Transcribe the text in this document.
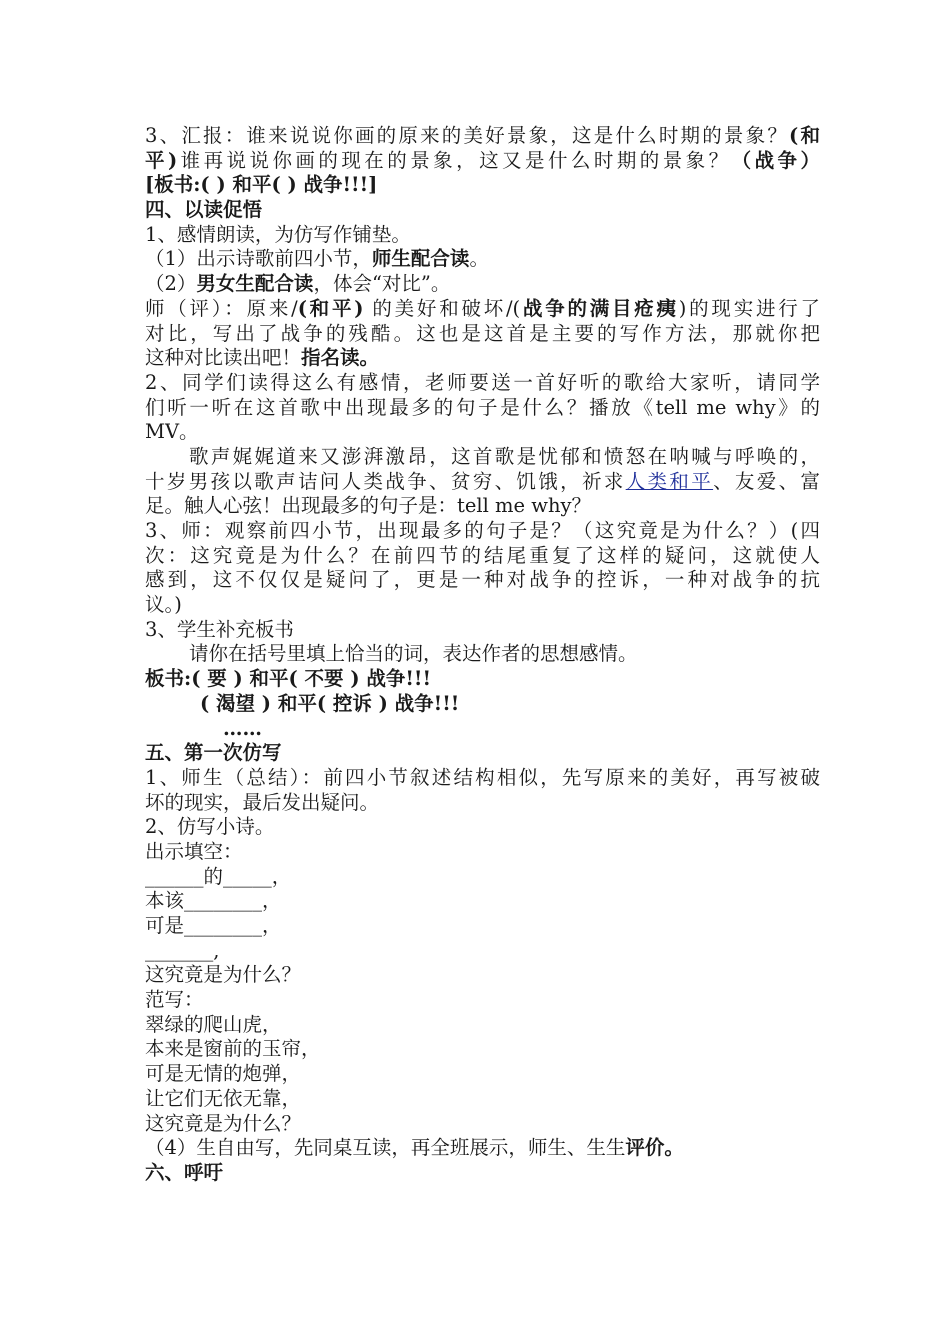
3、汇报：谁来说说你画的原来的美好景象，这是什么时期的景象？(和
平)谁再说说你画的现在的景象，这又是什么时期的景象？（战争）
[板书:( ) 和平( ) 战争!!!]
四、以读促悟
1、感情朗读，为仿写作铺垫。
（1）出示诗歌前四小节，师生配合读。
（2）男女生配合读，体会“对比”。
师（评）：原来/(和平) 的美好和破坏/(战争的满目疮痍)的现实进行了
对比，写出了战争的残酷。这也是这首是主要的写作方法，那就你把
这种对比读出吧！指名读。
2、同学们读得这么有感情，老师要送一首好听的歌给大家听，请同学
们听一听在这首歌中出现最多的句子是什么？播放《tell me why》的
MV。
歌声娓娓道来又澎湃激昂，这首歌是忧郁和愤怒在呐喊与呼唤的，
十岁男孩以歌声诘问人类战争、贫穷、饥饿，祈求人类和平、友爱、富
足。触人心弦！出现最多的句子是：tell me why？
3、师：观察前四小节，出现最多的句子是？（这究竟是为什么？）(四
次：这究竟是为什么？在前四节的结尾重复了这样的疑问，这就使人
感到，这不仅仅是疑问了，更是一种对战争的控诉，一种对战争的抗
议。)
3、学生补充板书
请你在括号里填上恰当的词，表达作者的思想感情。
板书:( 要 ) 和平( 不要 ) 战争!!!
( 渴望 ) 和平( 控诉 ) 战争!!!
……
五、第一次仿写
1、师生（总结）：前四小节叙述结构相似，先写原来的美好，再写被破
坏的现实，最后发出疑问。
2、仿写小诗。
出示填空：
______的_____，
本该________，
可是________，
_______,
这究竟是为什么？
范写：
翠绿的爬山虎，
本来是窗前的玉帘，
可是无情的炮弹，
让它们无依无靠，
这究竟是为什么？
（4）生自由写，先同桌互读，再全班展示，师生、生生评价。
六、呼吁
